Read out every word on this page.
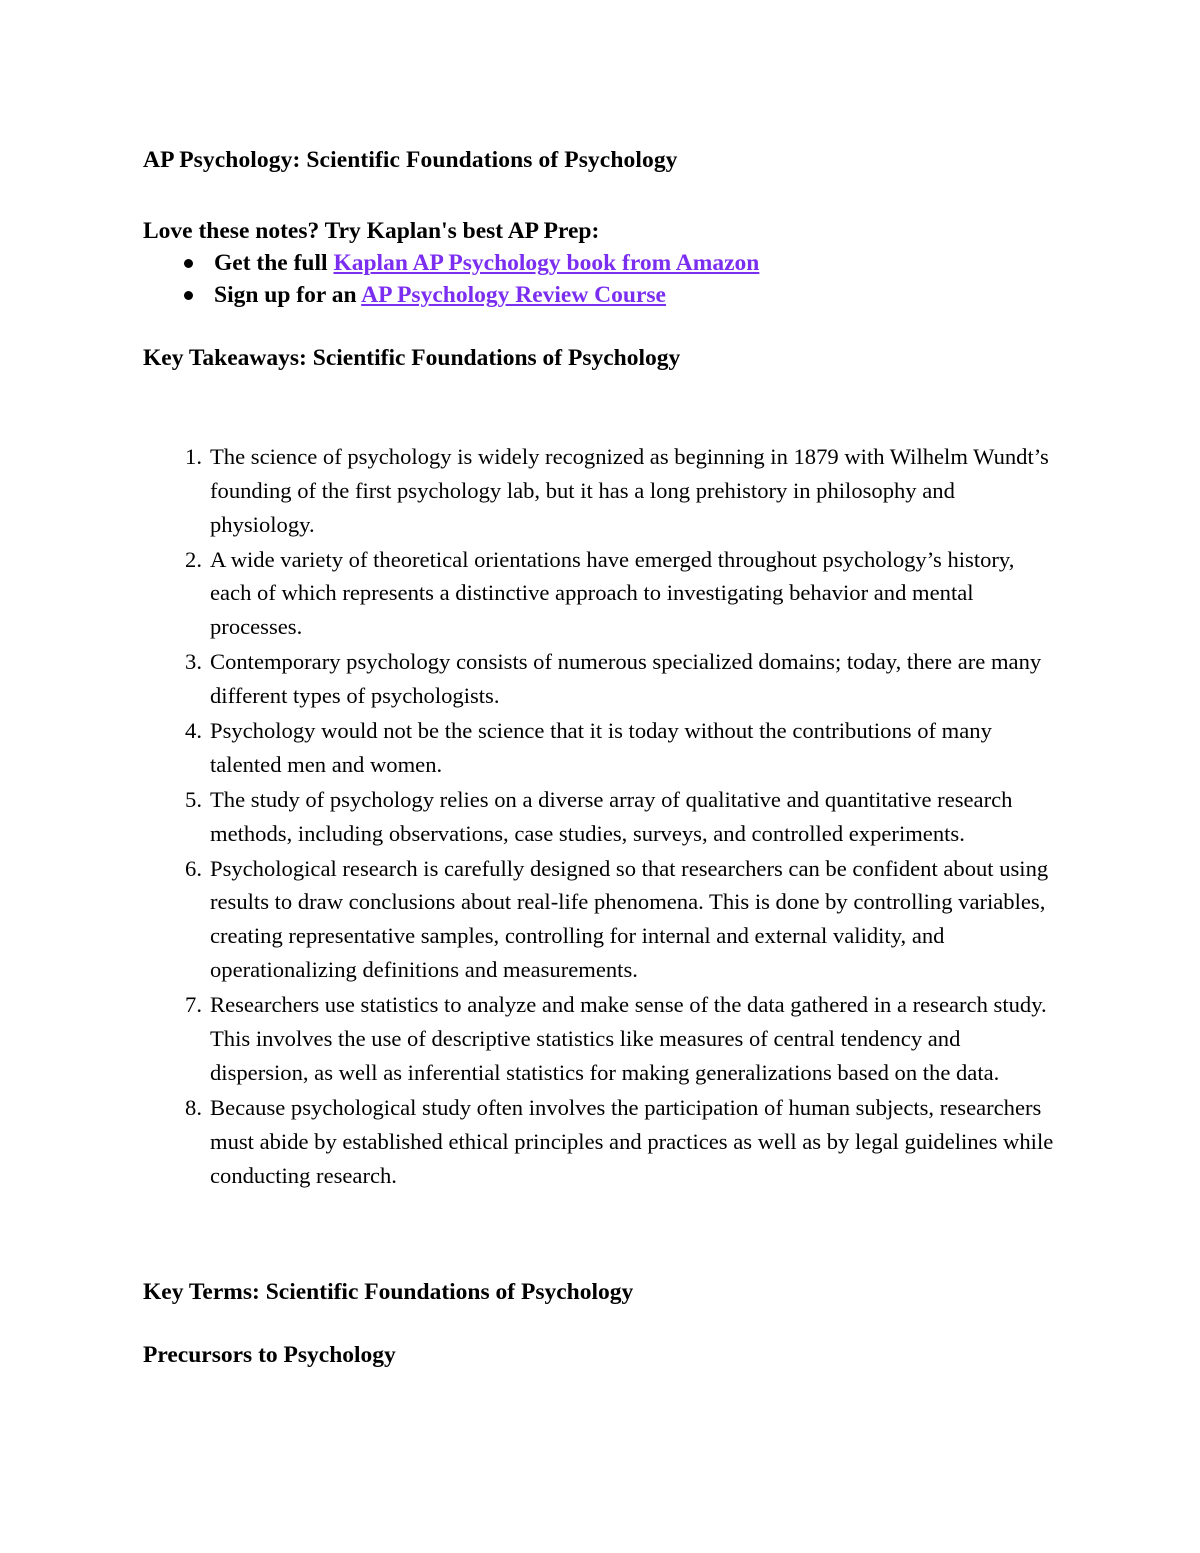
AP Psychology: Scientific Foundations of Psychology

Love these notes? Try Kaplan's best AP Prep:

Get the full Kaplan AP Psychology book from Amazon
Sign up for an AP Psychology Review Course
Key Takeaways: Scientific Foundations of Psychology
The science of psychology is widely recognized as beginning in 1879 with Wilhelm Wundt’s founding of the first psychology lab, but it has a long prehistory in philosophy and physiology.
A wide variety of theoretical orientations have emerged throughout psychology’s history, each of which represents a distinctive approach to investigating behavior and mental processes.
Contemporary psychology consists of numerous specialized domains; today, there are many different types of psychologists.
Psychology would not be the science that it is today without the contributions of many talented men and women.
The study of psychology relies on a diverse array of qualitative and quantitative research methods, including observations, case studies, surveys, and controlled experiments.
Psychological research is carefully designed so that researchers can be confident about using results to draw conclusions about real-life phenomena. This is done by controlling variables, creating representative samples, controlling for internal and external validity, and operationalizing definitions and measurements.
Researchers use statistics to analyze and make sense of the data gathered in a research study. This involves the use of descriptive statistics like measures of central tendency and dispersion, as well as inferential statistics for making generalizations based on the data.
Because psychological study often involves the participation of human subjects, researchers must abide by established ethical principles and practices as well as by legal guidelines while conducting research.
Key Terms: Scientific Foundations of Psychology
Precursors to Psychology
